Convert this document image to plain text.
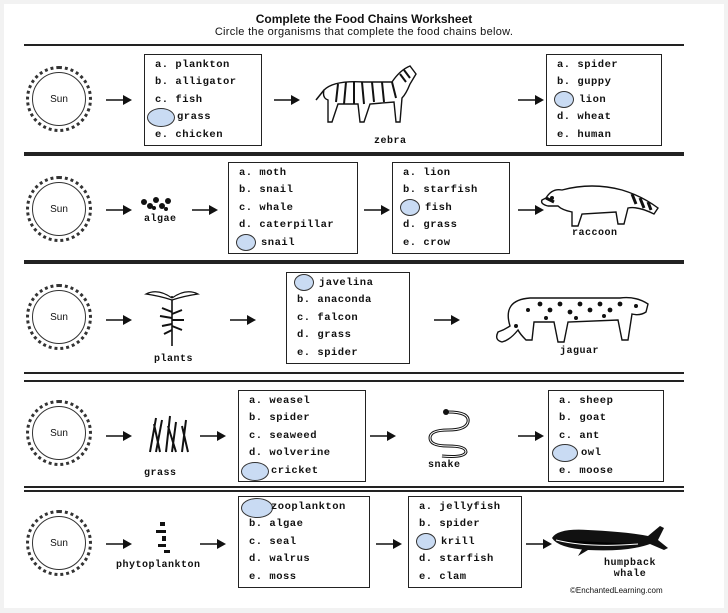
Complete the Food Chains Worksheet
Circle the organisms that complete the food chains below.
Sun
a. plankton
b. alligator
c. fish
grass
e. chicken
zebra
a. spider
b. guppy
lion
d. wheat
e. human
Sun
algae
a. moth
b. snail
c. whale
d. caterpillar
snail
a. lion
b. starfish
fish
d. grass
e. crow
raccoon
Sun
plants
javelina
b. anaconda
c. falcon
d. grass
e. spider	jaguar
Sun
grass
a. weasel
b. spider
c. seaweed
d. wolverine
cricket	snake
a. sheep
b. goat
c. ant
owl
e. moose
Sun
phytoplankton
zooplankton
b. algae
c. seal
d. walrus
e. moss
a. jellyfish
b. spider
krill
d. starfish
e. clam
humpback whale
©EnchantedLearning.com
